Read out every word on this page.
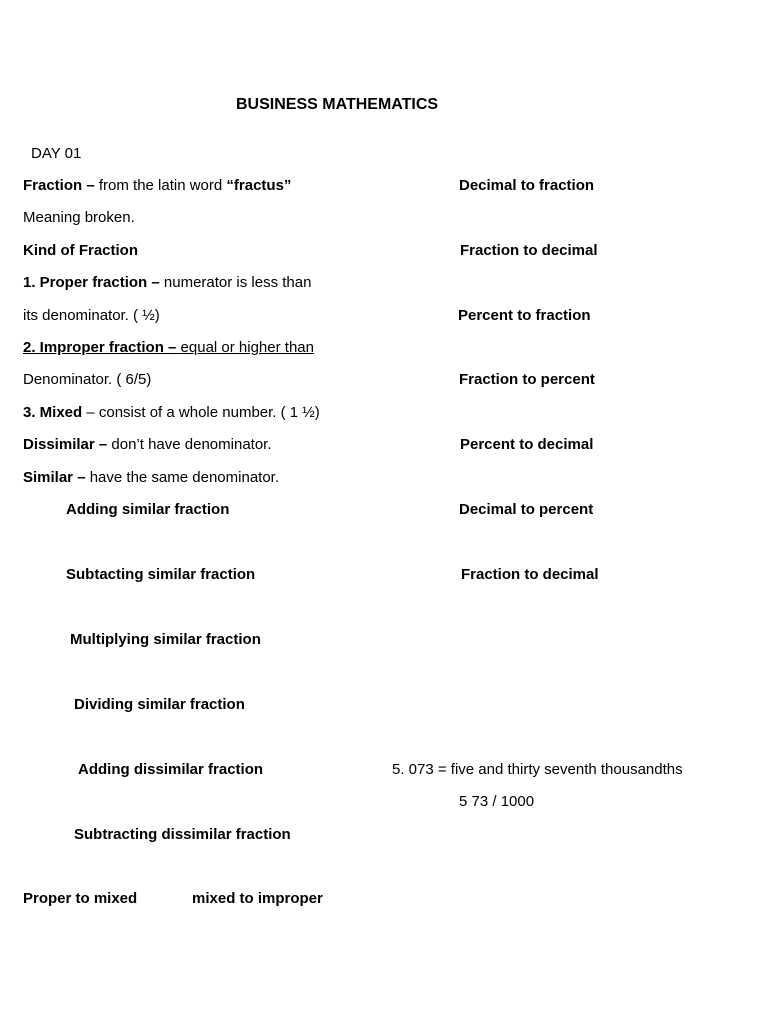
BUSINESS MATHEMATICS
DAY 01
Fraction – from the latin word “fractus”
Meaning broken.
Kind of Fraction
1. Proper fraction – numerator is less than
its denominator. ( ½)
2. Improper fraction – equal or higher than
Denominator. ( 6/5)
3. Mixed – consist of a whole number. ( 1 ½)
Dissimilar – don’t have denominator.
Similar – have the same denominator.
Adding similar fraction
Subtacting similar fraction
Multiplying similar fraction
Dividing similar fraction
Adding dissimilar fraction
Subtracting dissimilar fraction
Proper to mixed	mixed to improper
Decimal to fraction
Fraction to decimal
Percent to fraction
Fraction to percent
Percent to decimal
Decimal to percent
Fraction to decimal
5. 073 = five and thirty seventh thousandths
5 73 / 1000
